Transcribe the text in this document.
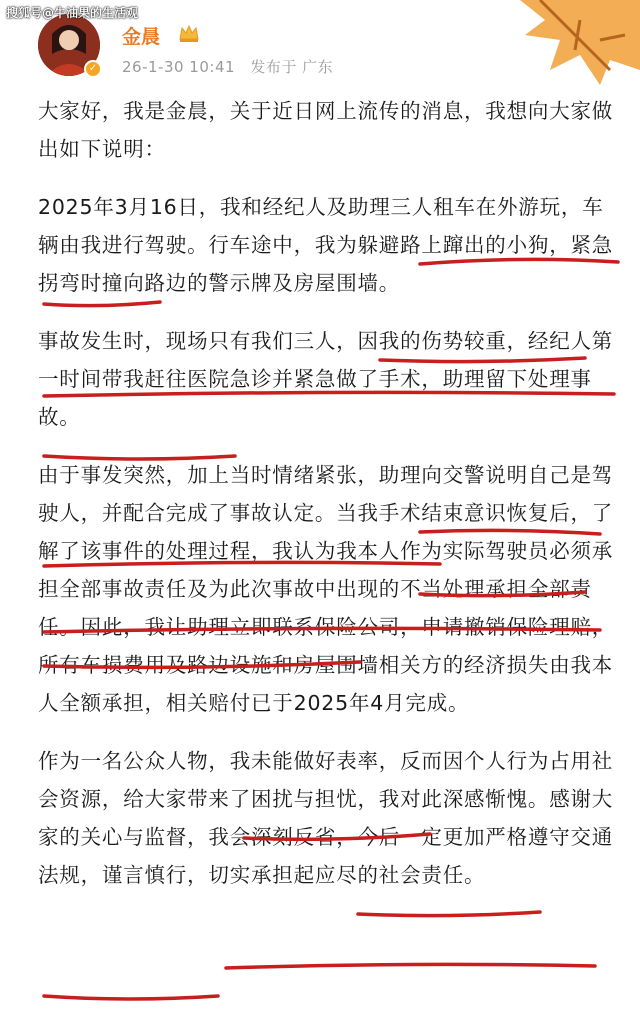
搜狐号@牛油果的生活观
✓
金晨
26-1-30 10:41 发布于 广东

大家好，我是金晨，关于近日网上流传的消息，我想向大家做出如下说明：

2025年3月16日，我和经纪人及助理三人租车在外游玩，车辆由我进行驾驶。行车途中，我为躲避路上蹿出的小狗，紧急拐弯时撞向路边的警示牌及房屋围墙。

事故发生时，现场只有我们三人，因我的伤势较重，经纪人第一时间带我赶往医院急诊并紧急做了手术，助理留下处理事故。

由于事发突然，加上当时情绪紧张，助理向交警说明自己是驾驶人，并配合完成了事故认定。当我手术结束意识恢复后，了解了该事件的处理过程，我认为我本人作为实际驾驶员必须承担全部事故责任及为此次事故中出现的不当处理承担全部责任。因此，我让助理立即联系保险公司，申请撤销保险理赔，所有车损费用及路边设施和房屋围墙相关方的经济损失由我本人全额承担，相关赔付已于2025年4月完成。

作为一名公众人物，我未能做好表率，反而因个人行为占用社会资源，给大家带来了困扰与担忧，我对此深感惭愧。感谢大家的关心与监督，我会深刻反省，今后一定更加严格遵守交通法规，谨言慎行，切实承担起应尽的社会责任。
